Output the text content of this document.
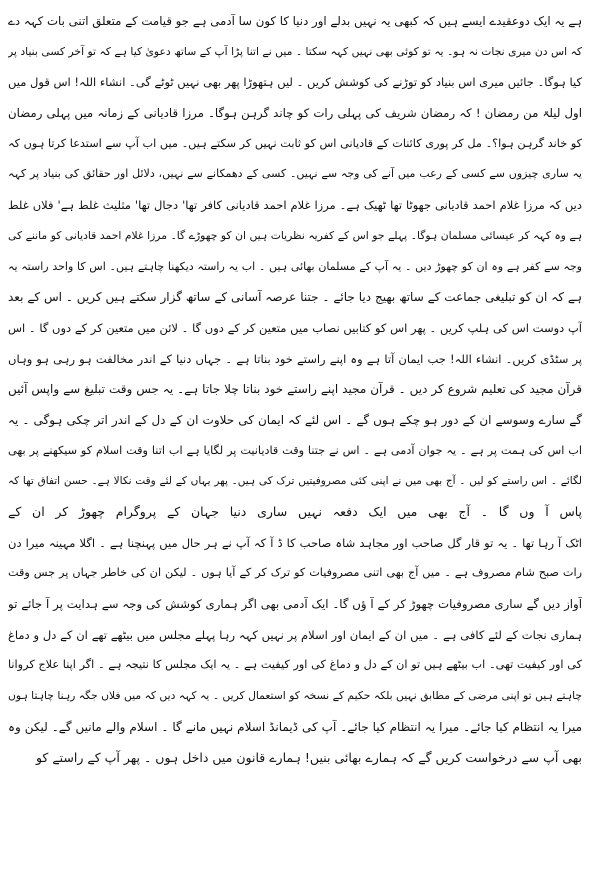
ہے یہ ایک دوعقیدے ایسے ہیں کہ کبھی یہ نہیں بدلے اور دنیا کا کون سا آدمی ہے جو قیامت کے متعلق اتنی بات کہہ دے
کہ اس دن میری نجات نہ ہو۔ یہ تو کوئی بھی نہیں کہہ سکتا ۔ میں نے اتنا پڑا آپ کے ساتھ دعویٰ کیا ہے کہ تو آخر کسی بنیاد پر
کیا ہوگا۔ جائیں میری اس بنیاد کو توڑنے کی کوشش کریں ۔ لیں ہتھوڑا پھر بھی نہیں ٹوٹے گی۔ انشاء اللہ! اس قول میں
اول لیلۃ من رمضان ! کہ رمضان شریف کی پہلی رات کو چاند گرہن ہوگا۔ مرزا قادیانی کے زمانہ میں پہلی رمضان
کو خاند گرہن ہوا؟۔ مل کر پوری کائنات کے قادیانی اس کو ثابت نہیں کر سکتے ہیں۔ میں اب آپ سے استدعا کرتا ہوں کہ
یہ ساری چیزوں سے کسی کے رعب میں آنے کی وجہ سے نہیں۔ کسی کے دھمکانے سے نہیں، دلائل اور حقائق کی بنیاد پر کہہ
دیں کہ مرزا غلام احمد قادیانی جھوٹا تھا ٹھیک ہے۔ مرزا غلام احمد قادیانی کافر تھا' دجال تھا' مثلیث غلط ہے' فلاں غلط
ہے وہ کہہ کر عیسائی مسلمان ہوگا۔ پہلے جو اس کے کفریہ نظریات ہیں ان کو چھوڑے گا۔ مرزا غلام احمد قادیانی کو ماننے کی
وجہ سے کفر ہے وہ ان کو چھوڑ دیں ۔ یہ آپ کے مسلمان بھائی ہیں ۔ اب یہ راستہ دیکھنا چاہتے ہیں۔ اس کا واحد راستہ یہ
ہے کہ ان کو تبلیغی جماعت کے ساتھ بھیج دیا جائے ۔ جتنا عرصہ آسانی کے ساتھ گزار سکتے ہیں کریں ۔ اس کے بعد
آپ دوست اس کی ہلپ کریں ۔ پھر اس کو کتابیں نصاب میں متعین کر کے دوں گا ۔ لائن میں متعین کر کے دوں گا ۔ اس
پر سٹڈی کریں۔ انشاء اللہ! جب ایمان آتا ہے وہ اپنے راستے خود بناتا ہے ۔ جہاں دنیا کے اندر مخالفت ہو رہی ہو وہاں
قرآن مجید کی تعلیم شروع کر دیں ۔ قرآن مجید اپنے راستے خود بناتا چلا جاتا ہے۔ یہ جس وقت تبلیغ سے واپس آئیں
گے سارے وسوسے ان کے دور ہو چکے ہوں گے ۔ اس لئے کہ ایمان کی حلاوت ان کے دل کے اندر اتر چکی ہوگی ۔ یہ
اب اس کی ہمت پر ہے ۔ یہ جوان آدمی ہے ۔ اس نے جتنا وقت قادیانیت پر لگایا ہے اب اتنا وقت اسلام کو سیکھنے پر بھی
لگائے ۔ اس راستے کو لیں ۔ آج بھی میں نے اپنی کئی مصروفیتیں ترک کی ہیں۔ پھر یہاں کے لئے وقت نکالا ہے۔ حسن اتفاق تھا کہ
پاس آ وں گا ۔ آج بھی میں ایک دفعہ نہیں ساری دنیا جہان کے پروگرام چھوڑ کر ان کے
اٹک آ رہا تھا ۔ یہ تو قار گل صاحب اور مجاہد شاہ صاحب کا ڈ آ کہ آپ نے ہر حال میں پہنچنا ہے ۔ اگلا مہینہ میرا دن
رات صبح شام مصروف ہے ۔ میں آج بھی اتنی مصروفیات کو ترک کر کے آیا ہوں ۔ لیکن ان کی خاطر جہاں پر جس وقت
آواز دیں گے ساری مصروفیات چھوڑ کر کے آ ؤں گا۔ ایک آدمی بھی اگر ہماری کوشش کی وجہ سے ہدایت پر آ جائے تو
ہماری نجات کے لئے کافی ہے ۔ میں ان کے ایمان اور اسلام پر نہیں کہہ رہا پہلے مجلس میں بیٹھے تھے ان کے دل و دماغ
کی اور کیفیت تھی۔ اب بیٹھے ہیں تو ان کے دل و دماغ کی اور کیفیت ہے ۔ یہ ایک مجلس کا نتیجہ ہے ۔ اگر اپنا علاج کروانا
چاہتے ہیں تو اپنی مرضی کے مطابق نہیں بلکہ حکیم کے نسخہ کو استعمال کریں ۔ یہ کہہ دیں کہ میں فلاں جگہ رہنا چاہتا ہوں
میرا یہ انتظام کیا جائے۔ میرا یہ انتظام کیا جائے۔ آپ کی ڈیمانڈ اسلام نہیں مانے گا ۔ اسلام والے مانیں گے۔ لیکن وہ
بھی آپ سے درخواست کریں گے کہ ہمارے بھائی بنیں! ہمارے قانون میں داخل ہوں ۔ پھر آپ کے راستے کو
